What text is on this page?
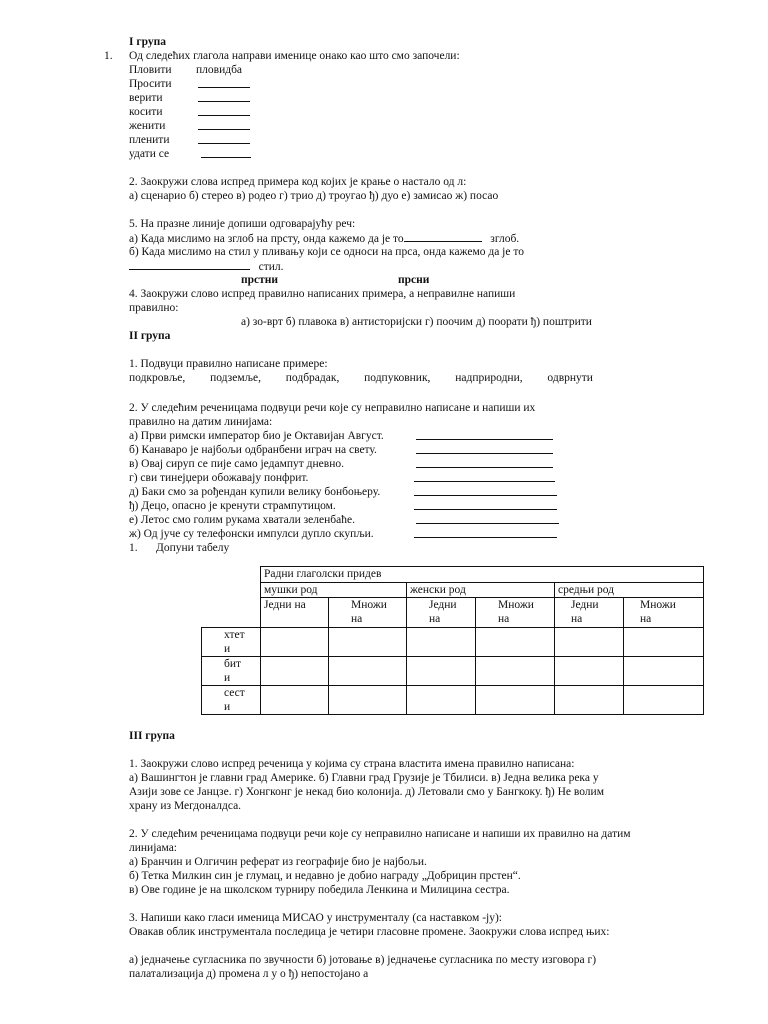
I група
1. Од следећих глагола направи именице онако као што смо започели:
Пловити пловидба
Просити
верити
косити
женити
пленити
удати се
2. Заокружи слова испред примера код којих је крање о настало од л:
а) сценарио б) стерео в) родео г) трио д) троугао ђ) дуо е) замисао ж) посао
5. На празне линије допиши одговарајућу реч:
а) Када мислимо на зглоб на прсту, онда кажемо да је то	зглоб.
б) Када мислимо на стил у пливању који се односи на прса, онда кажемо да је то
стил.
прстни	прсни
4. Заокружи слово испред правилно написаних примера, а неправилне напиши
правилно:
а) зо-врт б) плавока в) антисторијски г) поочим д) поорати ђ) поштрити
II група
1. Подвуци правилно написане примере:
подкровље, подземље, подбрадак, подпуковник, надприродни, одврнути
2. У следећим реченицама подвуци речи које су неправилно написане и напиши их
правилно на датим линијама:
а) Први римски император био је Октавијан Август.
б) Канаваро је најбољи одбранбени играч на свету.
в) Овај сируп се пије само једампут дневно.
г) сви тинејџери обожавају понфрит.
д) Баки смо за рођендан купили велику бонбоњеру.
ђ) Децо, опасно је кренути стрампутицом.
е) Летос смо голим рукама хватали зеленбаће.
ж) Од јуче су телефонски импулси дупло скупљи.
1. Допуни табелу
	Радни глаголски придев					
	мушки род		женски род		средњи род	
	Једни на	Множи на	Једни на	Множи на	Једни на	Множи на
хтет и						
бит и						
сест и						
III група
1. Заокружи слово испред реченица у којима су страна властита имена правилно написана:
а) Вашингтон је главни град Америке. б) Главни град Грузије је Тбилиси. в) Једна велика река у
Азији зове се Јанцзе. г) Хонгконг је некад био колонија. д) Летовали смо у Бангкоку. ђ) Не волим
храну из Мегдоналдса.
2. У следећим реченицама подвуци речи које су неправилно написане и напиши их правилно на датим
линијама:
а) Бранчин и Олгичин реферат из географије био је најбољи.
б) Тетка Милкин син је глумац, и недавно је добио награду „Добрицин прстен“.
в) Ове године је на школском турниру победила Ленкина и Милицина сестра.
3. Напиши како гласи именица МИСАО у инструменталу (са наставком -ју):
Овакав облик инструментала последица је четири гласовне промене. Заокружи слова испред њих:
а) једначење сугласника по звучности б) јотовање в) једначење сугласника по месту изговора г)
палатализација д) промена л у о ђ) непостојано а
